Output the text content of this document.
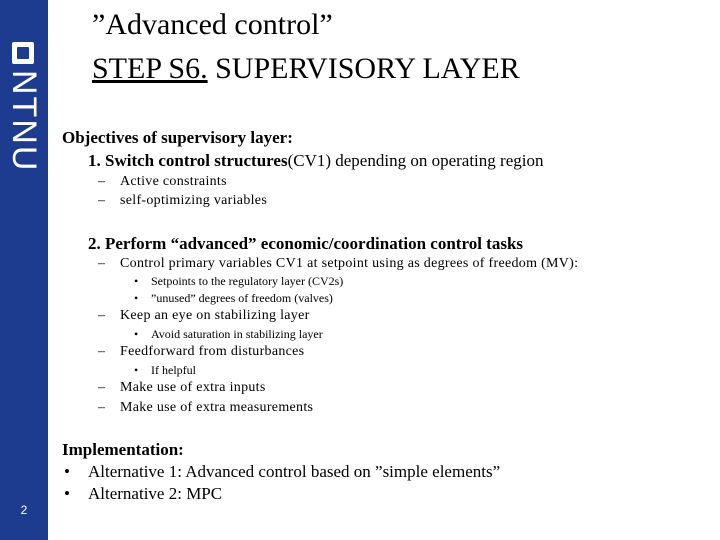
NTNU
2
”Advanced control”
STEP S6. SUPERVISORY LAYER
Objectives of supervisory layer:
1. Switch control structures(CV1) depending on operating region
– Active constraints
– self-optimizing variables
2. Perform “advanced” economic/coordination control tasks
– Control primary variables CV1 at setpoint using as degrees of freedom (MV):
• Setpoints to the regulatory layer (CV2s)
• ”unused” degrees of freedom (valves)
– Keep an eye on stabilizing layer
• Avoid saturation in stabilizing layer
– Feedforward from disturbances
• If helpful
– Make use of extra inputs
– Make use of extra measurements
Implementation:
• Alternative 1: Advanced control based on ”simple elements”
• Alternative 2: MPC
